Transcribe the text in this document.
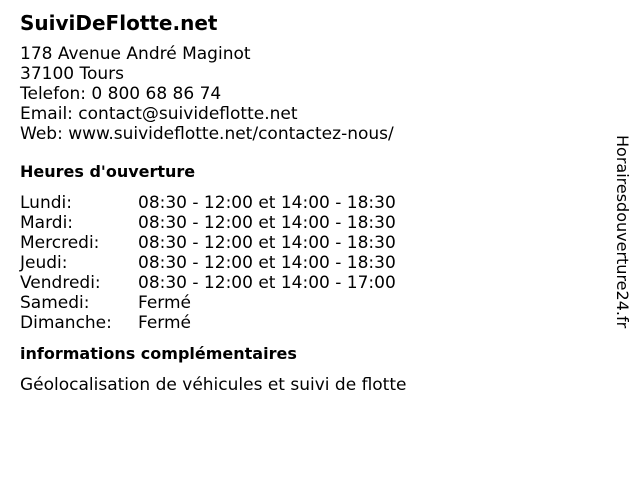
SuiviDeFlotte.net
178 Avenue André Maginot
37100 Tours
Telefon: 0 800 68 86 74
Email: contact@suivideflotte.net
Web: www.suivideflotte.net/contactez-nous/
Heures d'ouverture
Lundi:	08:30 - 12:00 et 14:00 - 18:30
Mardi:	08:30 - 12:00 et 14:00 - 18:30
Mercredi:	08:30 - 12:00 et 14:00 - 18:30
Jeudi:	08:30 - 12:00 et 14:00 - 18:30
Vendredi:	08:30 - 12:00 et 14:00 - 17:00
Samedi:	Fermé
Dimanche:	Fermé
informations complémentaires
Géolocalisation de véhicules et suivi de flotte
Horairesdouverture24.fr
